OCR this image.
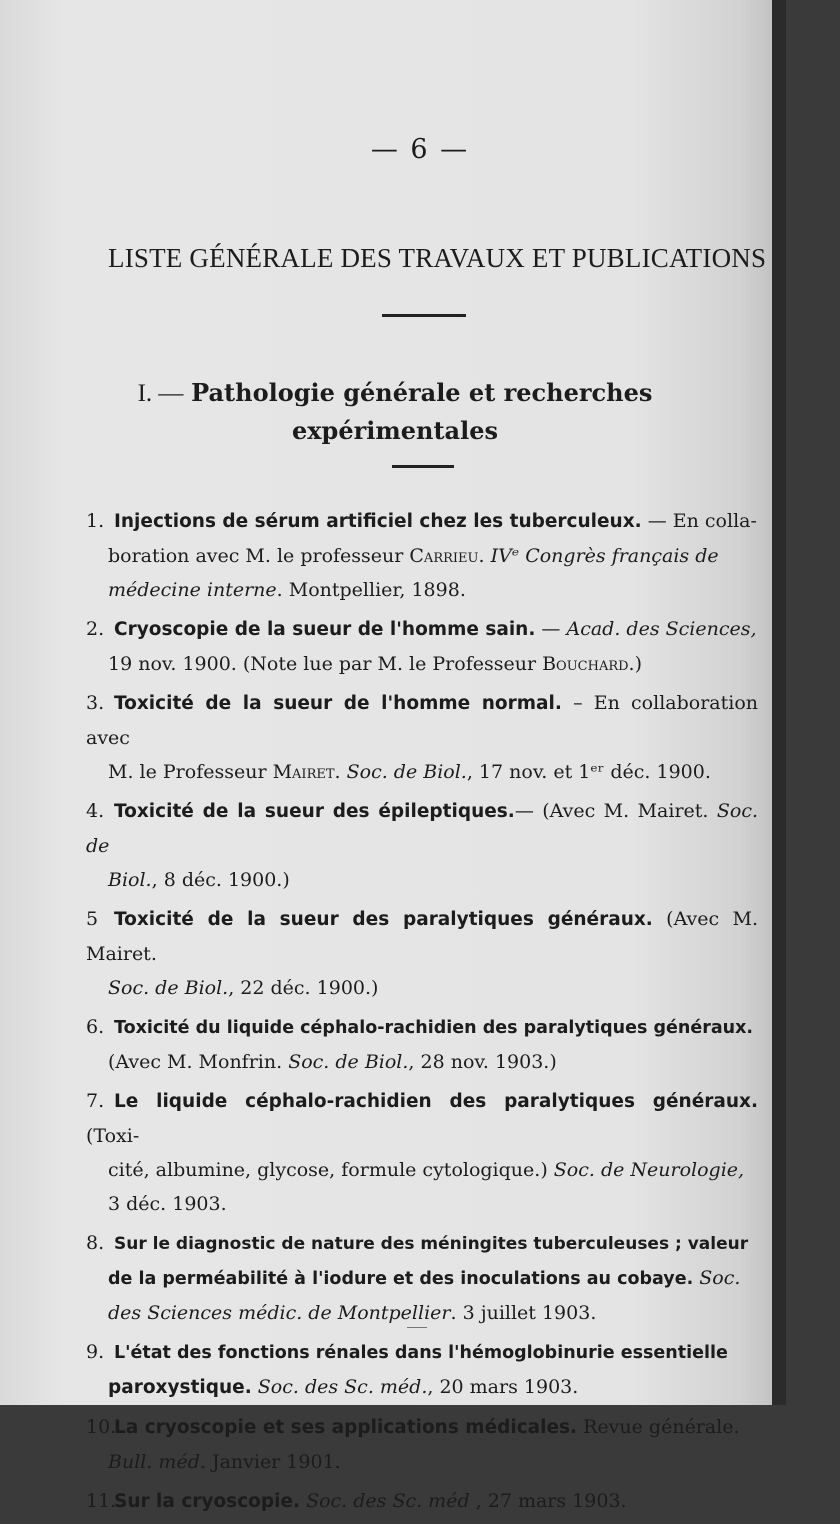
— 6 —
LISTE GÉNÉRALE DES TRAVAUX ET PUBLICATIONS
I. — Pathologie générale et recherches
expérimentales
1. Injections de sérum artificiel chez les tuberculeux. — En colla-
boration avec M. le professeur Carrieu. IVᵉ Congrès français de
médecine interne. Montpellier, 1898.
2. Cryoscopie de la sueur de l'homme sain. — Acad. des Sciences,
19 nov. 1900. (Note lue par M. le Professeur Bouchard.)
3. Toxicité de la sueur de l'homme normal. – En collaboration avec
M. le Professeur Mairet. Soc. de Biol., 17 nov. et 1ᵉʳ déc. 1900.
4. Toxicité de la sueur des épileptiques.— (Avec M. Mairet. Soc. de
Biol., 8 déc. 1900.)
5 Toxicité de la sueur des paralytiques généraux. (Avec M. Mairet.
Soc. de Biol., 22 déc. 1900.)
6. Toxicité du liquide céphalo-rachidien des paralytiques généraux.
(Avec M. Monfrin. Soc. de Biol., 28 nov. 1903.)
7. Le liquide céphalo-rachidien des paralytiques généraux. (Toxi-
cité, albumine, glycose, formule cytologique.) Soc. de Neurologie,
3 déc. 1903.
8. Sur le diagnostic de nature des méningites tuberculeuses ; valeur
de la perméabilité à l'iodure et des inoculations au cobaye. Soc.
des Sciences médic. de Montpellier. 3 juillet 1903.
9. L'état des fonctions rénales dans l'hémoglobinurie essentielle
paroxystique. Soc. des Sc. méd., 20 mars 1903.
10.La cryoscopie et ses applications médicales. Revue générale.
Bull. méd. Janvier 1901.
11.Sur la cryoscopie. Soc. des Sc. méd , 27 mars 1903.
